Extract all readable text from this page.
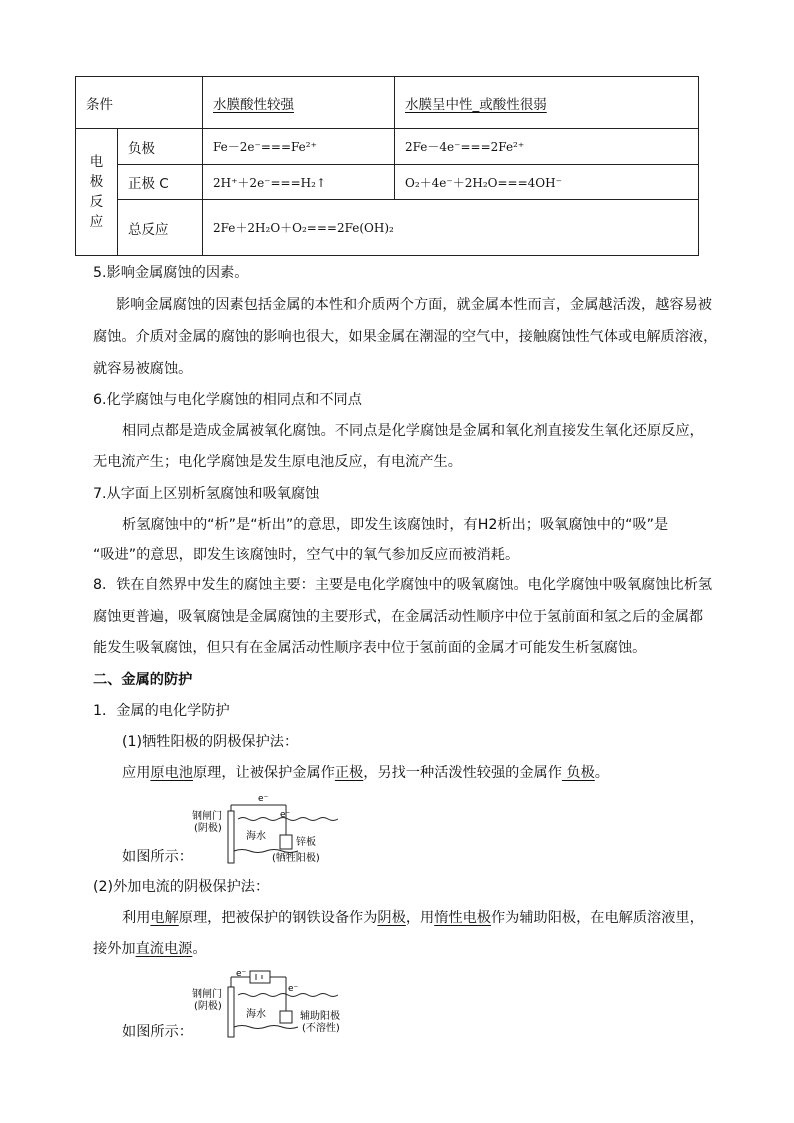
条件		水膜酸性较强	水膜呈中性_或酸性很弱

电
极
反
应	负极	Fe－2e⁻===Fe²⁺	2Fe－4e⁻===2Fe²⁺
	正极 C	2H⁺＋2e⁻===H₂↑	O₂＋4e⁻＋2H₂O===4OH⁻
	总反应	2Fe＋2H₂O＋O₂===2Fe(OH)₂	

5.影响金属腐蚀的因素。

影响金属腐蚀的因素包括金属的本性和介质两个方面，就金属本性而言，金属越活泼，越容易被

腐蚀。介质对金属的腐蚀的影响也很大，如果金属在潮湿的空气中，接触腐蚀性气体或电解质溶液，

就容易被腐蚀。

6.化学腐蚀与电化学腐蚀的相同点和不同点

相同点都是造成金属被氧化腐蚀。不同点是化学腐蚀是金属和氧化剂直接发生氧化还原反应，

无电流产生；电化学腐蚀是发生原电池反应，有电流产生。

7.从字面上区别析氢腐蚀和吸氧腐蚀

析氢腐蚀中的“析”是“析出”的意思，即发生该腐蚀时，有H2析出；吸氧腐蚀中的“吸”是

“吸进”的意思，即发生该腐蚀时，空气中的氧气参加反应而被消耗。

8．铁在自然界中发生的腐蚀主要：主要是电化学腐蚀中的吸氧腐蚀。电化学腐蚀中吸氧腐蚀比析氢

腐蚀更普遍，吸氧腐蚀是金属腐蚀的主要形式，在金属活动性顺序中位于氢前面和氢之后的金属都

能发生吸氧腐蚀，但只有在金属活动性顺序表中位于氢前面的金属才可能发生析氢腐蚀。

二、金属的防护

1．金属的电化学防护

(1)牺牲阳极的阴极保护法：

应用原电池原理，让被保护金属作正极，另找一种活泼性较强的金属作 负极。

e⁻
e⁻
钢闸门
(阴极)
海水
锌板
(牺牲阳极)

如图所示：

(2)外加电流的阴极保护法：

利用电解原理，把被保护的钢铁设备作为阴极，用惰性电极作为辅助阳极，在电解质溶液里，

接外加直流电源。

e⁻
e⁻
钢闸门
(阴极)
海水	辅助阳极
(不溶性)

如图所示：
